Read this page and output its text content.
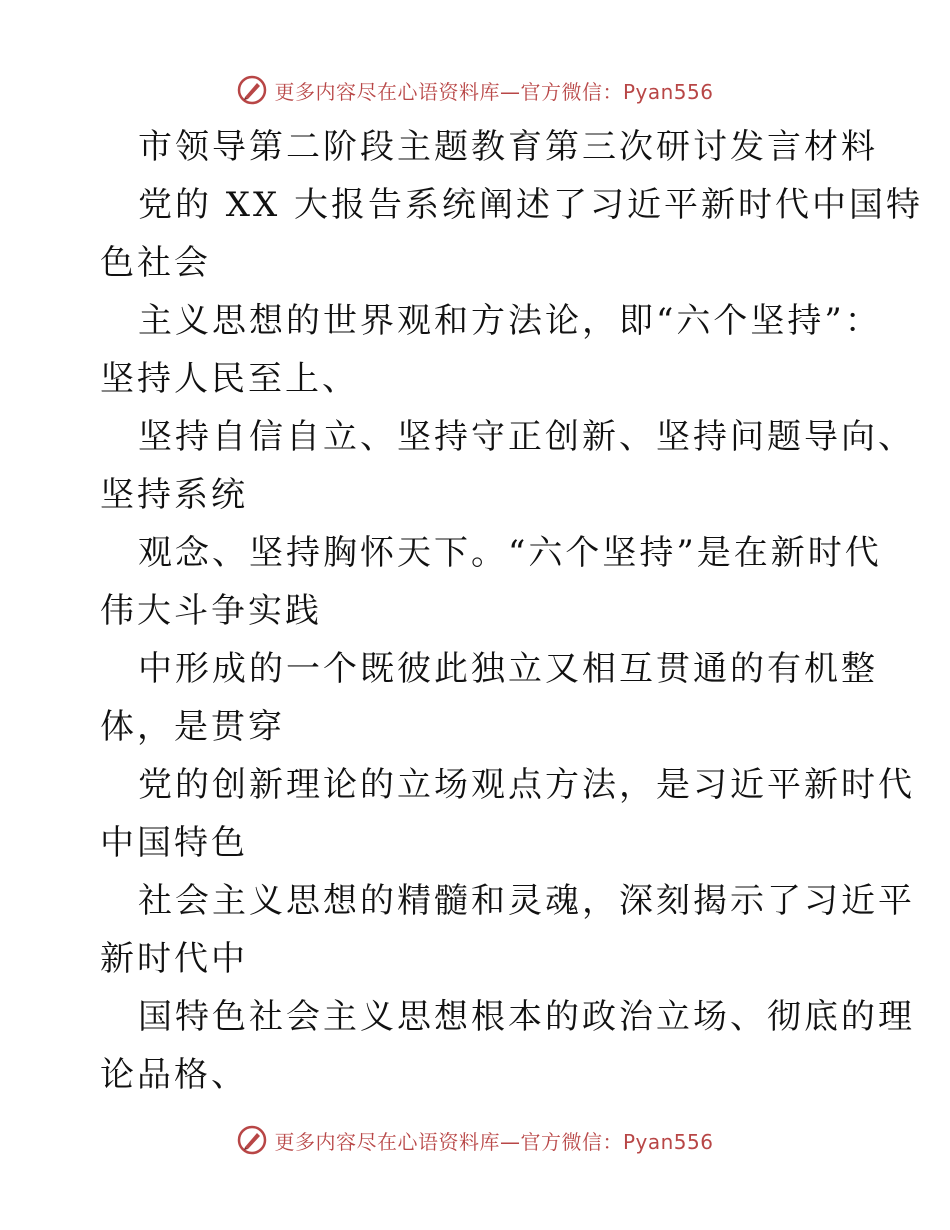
更多内容尽在心语资料库—官方微信：Pyan556
市领导第二阶段主题教育第三次研讨发言材料
党的 XX 大报告系统阐述了习近平新时代中国特
色社会
主义思想的世界观和方法论，即“六个坚持”：
坚持人民至上、
坚持自信自立、坚持守正创新、坚持问题导向、
坚持系统
观念、坚持胸怀天下。“六个坚持”是在新时代
伟大斗争实践
中形成的一个既彼此独立又相互贯通的有机整
体，是贯穿
党的创新理论的立场观点方法，是习近平新时代
中国特色
社会主义思想的精髓和灵魂，深刻揭示了习近平
新时代中
国特色社会主义思想根本的政治立场、彻底的理
论品格、
更多内容尽在心语资料库—官方微信：Pyan556
